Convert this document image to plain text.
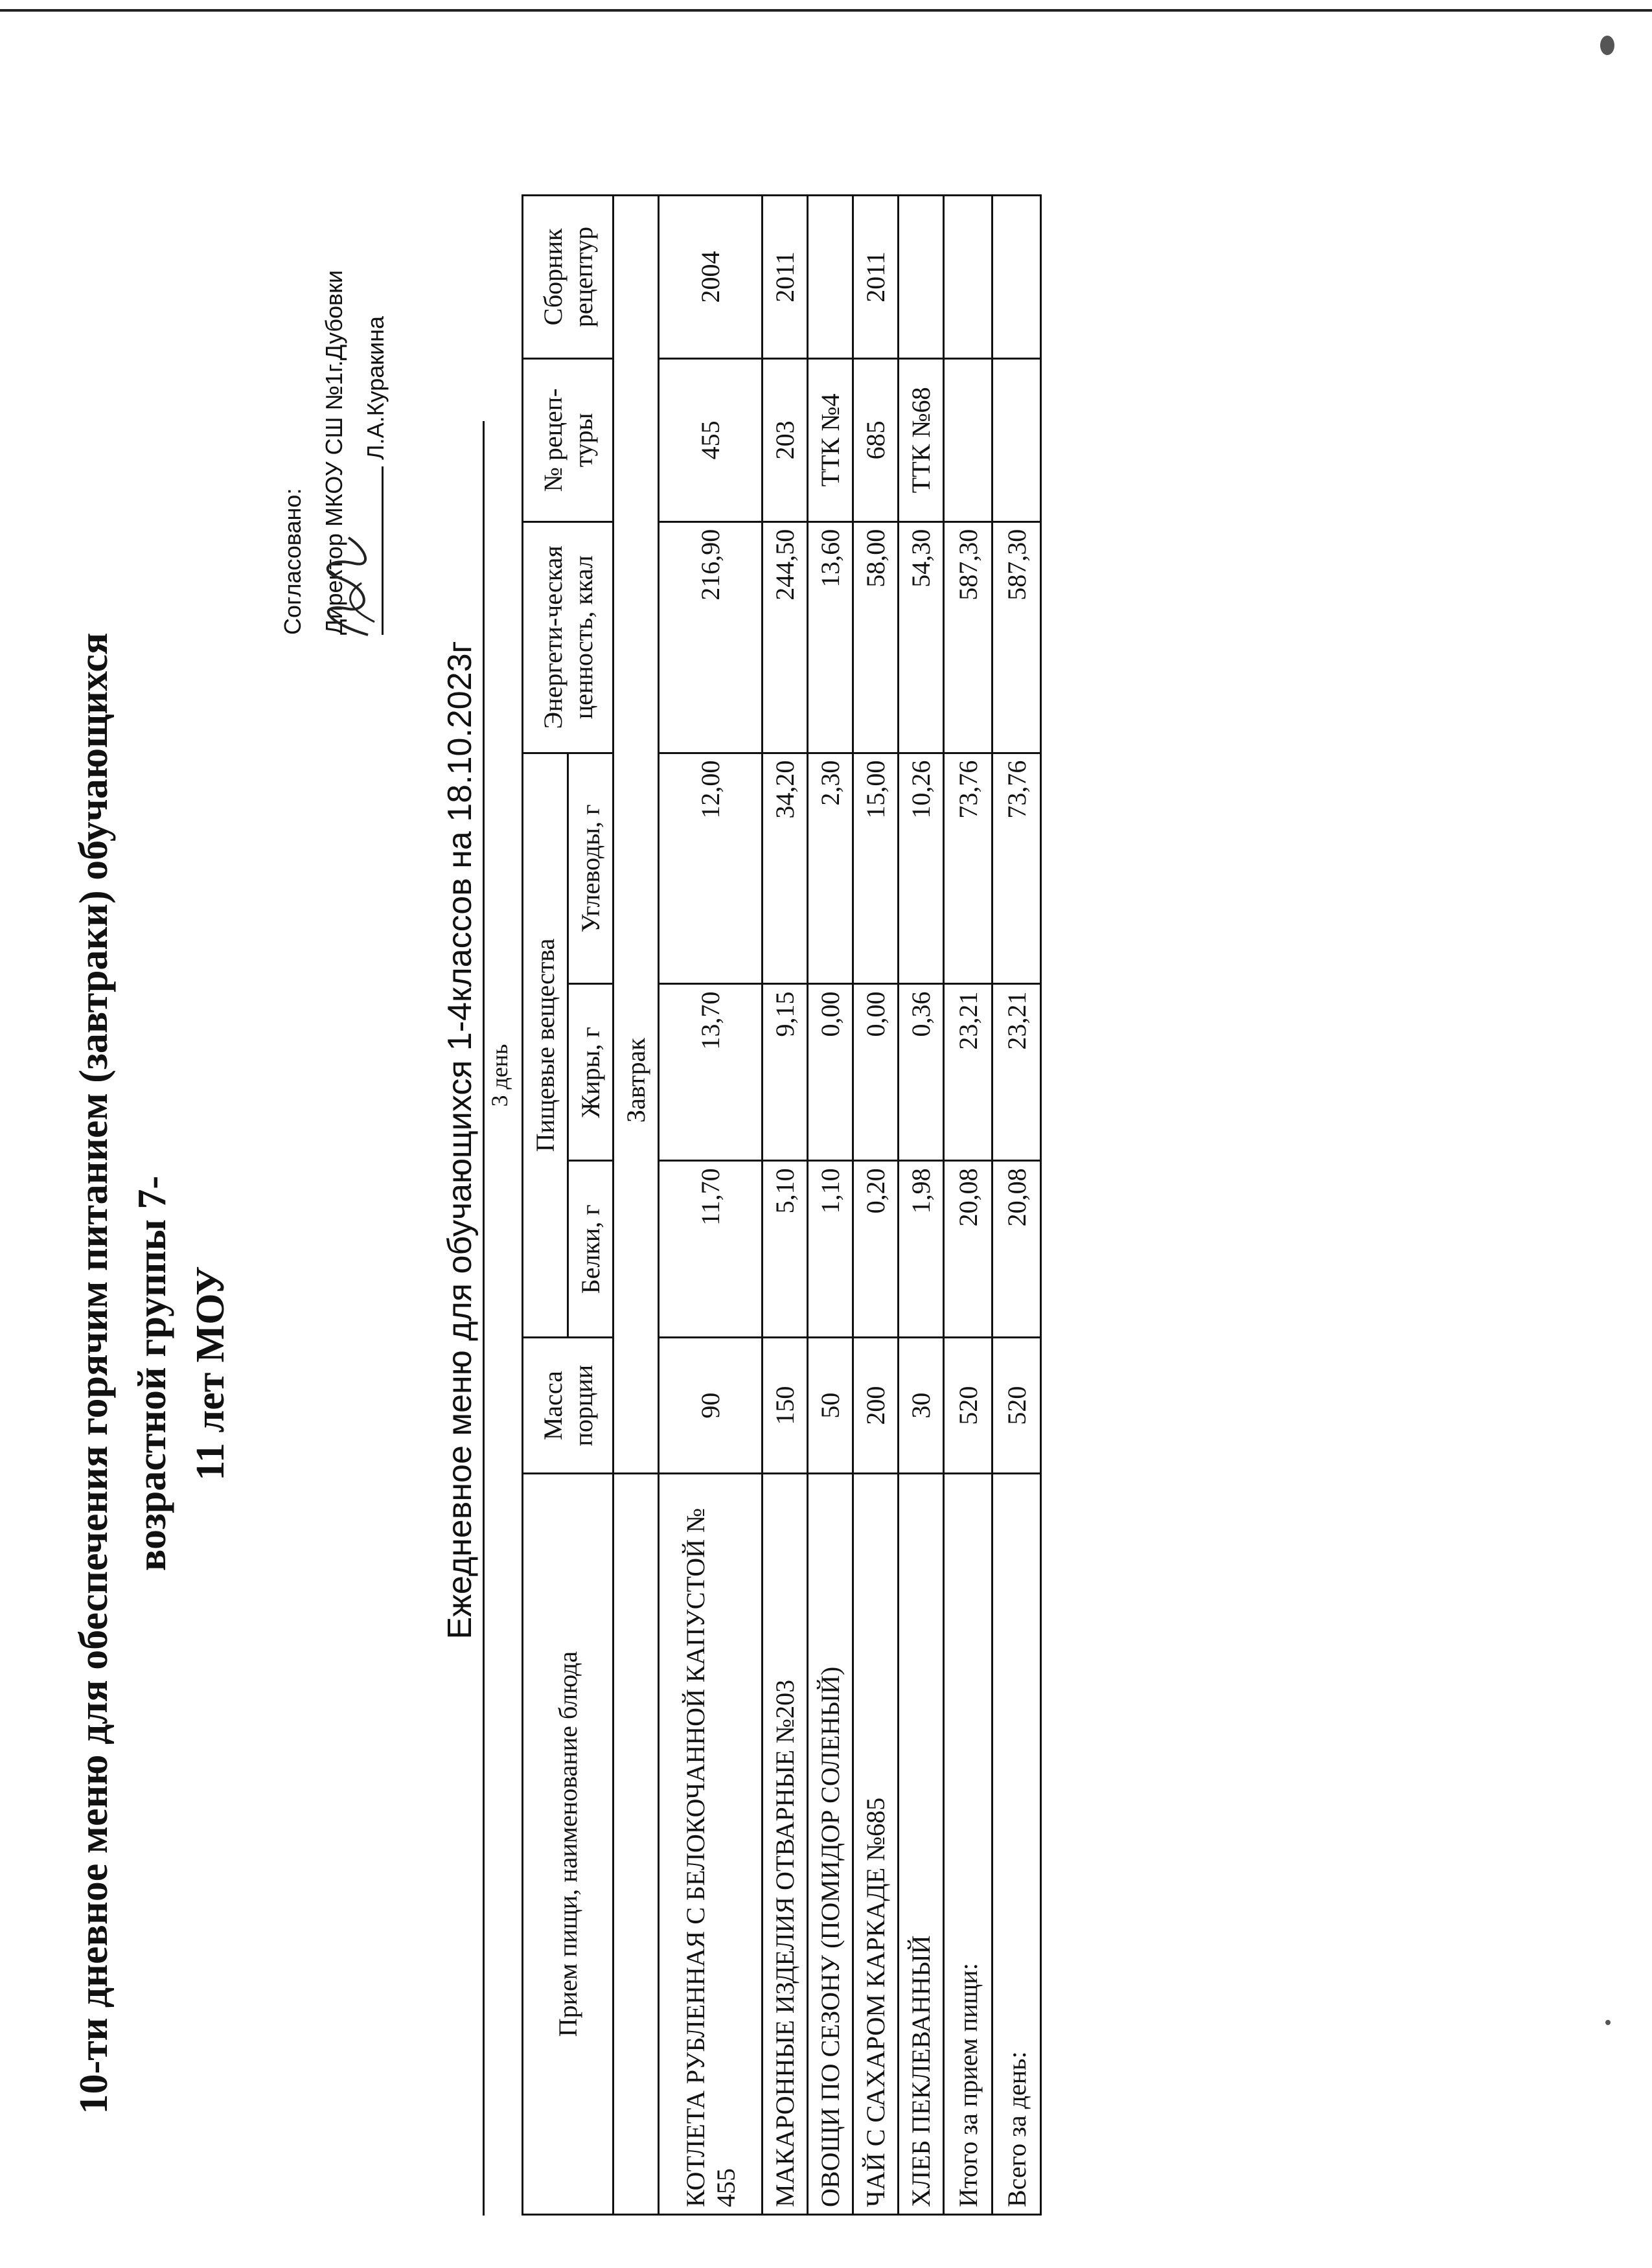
10-ти дневное меню для обеспечения горячим питанием (завтраки) обучающихся возрастной группы 7- 11 лет МОУ
Согласовано: Директор МКОУ СШ №1г.Дубовки Л.А.Куракина
Ежедневное меню для обучающихся 1-4классов на 18.10.2023г 3 день
Прием пищи, наименование блюда	Масса порции	Пищевые вещества			Энергети-ческая ценность, ккал	№ рецеп-туры	Сборник рецептур
		Белки, г	Жиры, г	Углеводы, г			
	Завтрак						
КОТЛЕТА РУБЛЕННАЯ С БЕЛОКОЧАННОЙ КАПУСТОЙ № 455	90	11,70	13,70	12,00	216,90	455	2004
МАКАРОННЫЕ ИЗДЕЛИЯ ОТВАРНЫЕ №203	150	5,10	9,15	34,20	244,50	203	2011
ОВОЩИ ПО СЕЗОНУ (ПОМИДОР СОЛЕНЫЙ)	50	1,10	0,00	2,30	13,60	ТТК №4	
ЧАЙ С САХАРОМ КАРКАДЕ №685	200	0,20	0,00	15,00	58,00	685	2011
ХЛЕБ ПЕКЛЕВАННЫЙ	30	1,98	0,36	10,26	54,30	ТТК №68	
Итого за прием пищи:	520	20,08	23,21	73,76	587,30		
Всего за день:	520	20,08	23,21	73,76	587,30		
